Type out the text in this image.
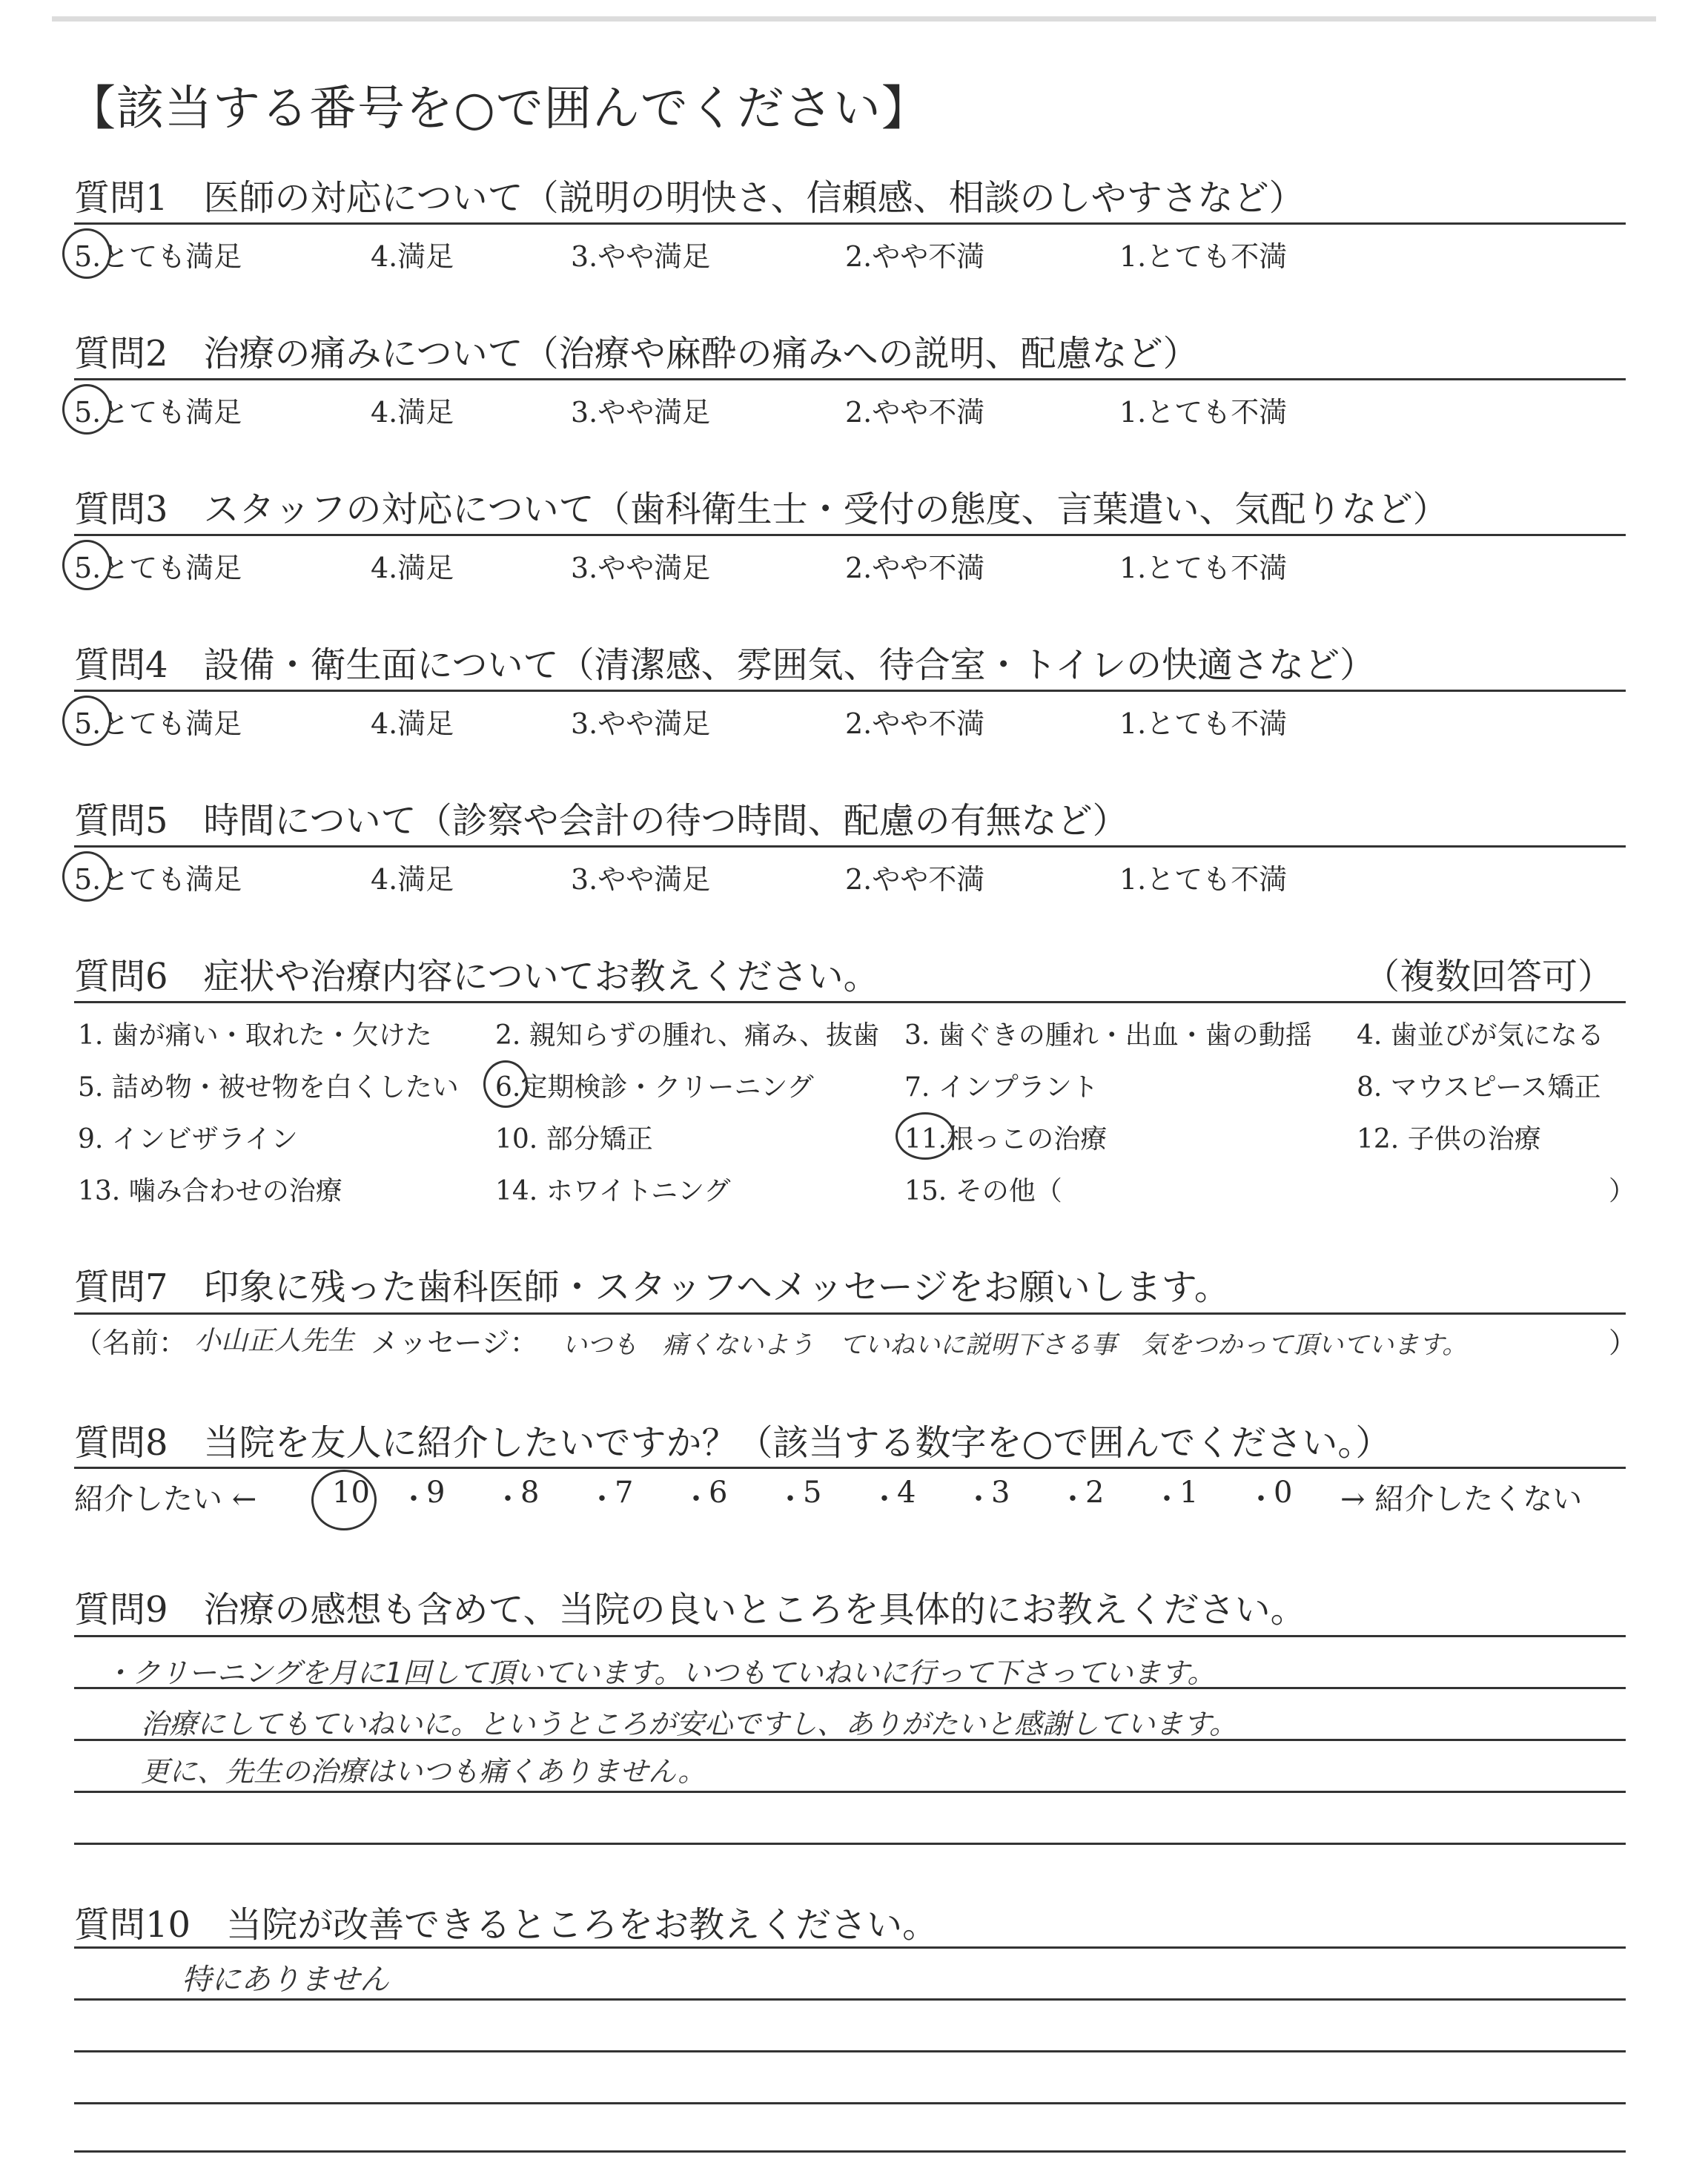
【該当する番号を○で囲んでください】
質問1　医師の対応について（説明の明快さ、信頼感、相談のしやすさなど）
5.とても満足	4.満足	3.やや満足	2.やや不満	1.とても不満
質問2　治療の痛みについて（治療や麻酔の痛みへの説明、配慮など）
5.とても満足	4.満足	3.やや満足	2.やや不満	1.とても不満
質問3　スタッフの対応について（歯科衛生士・受付の態度、言葉遣い、気配りなど）
5.とても満足	4.満足	3.やや満足	2.やや不満	1.とても不満
質問4　設備・衛生面について（清潔感、雰囲気、待合室・トイレの快適さなど）
5.とても満足	4.満足	3.やや満足	2.やや不満	1.とても不満
質問5　時間について（診察や会計の待つ時間、配慮の有無など）
5.とても満足	4.満足	3.やや満足	2.やや不満	1.とても不満
質問6　症状や治療内容についてお教えください。	（複数回答可）
1. 歯が痛い・取れた・欠けた 2. 親知らずの腫れ、痛み、抜歯 3. 歯ぐきの腫れ・出血・歯の動揺 4. 歯並びが気になる
5. 詰め物・被せ物を白くしたい 6.定期検診・クリーニング	7. インプラント	8. マウスピース矯正
9. インビザライン	10. 部分矯正	11.根っこの治療	12. 子供の治療
13. 噛み合わせの治療	14. ホワイトニング	15. その他（	）
質問7　印象に残った歯科医師・スタッフへメッセージをお願いします。
（名前： 小山正人先生 メッセージ： いつも　痛くないよう　ていねいに説明下さる事　気をつかって頂いています。	）
質問8　当院を友人に紹介したいですか？（該当する数字を○で囲んでください。）
紹介したい ←	10 ・
9 ・
8 ・
7 ・
6 ・
5 ・
4 ・
3 ・
2 ・
1 ・
0 → 紹介したくない
質問9　治療の感想も含めて、当院の良いところを具体的にお教えください。
・クリーニングを月に1回して頂いています。いつもていねいに行って下さっています。
治療にしてもていねいに。というところが安心ですし、ありがたいと感謝しています。
更に、先生の治療はいつも痛くありません。
質問10　当院が改善できるところをお教えください。
特にありません
